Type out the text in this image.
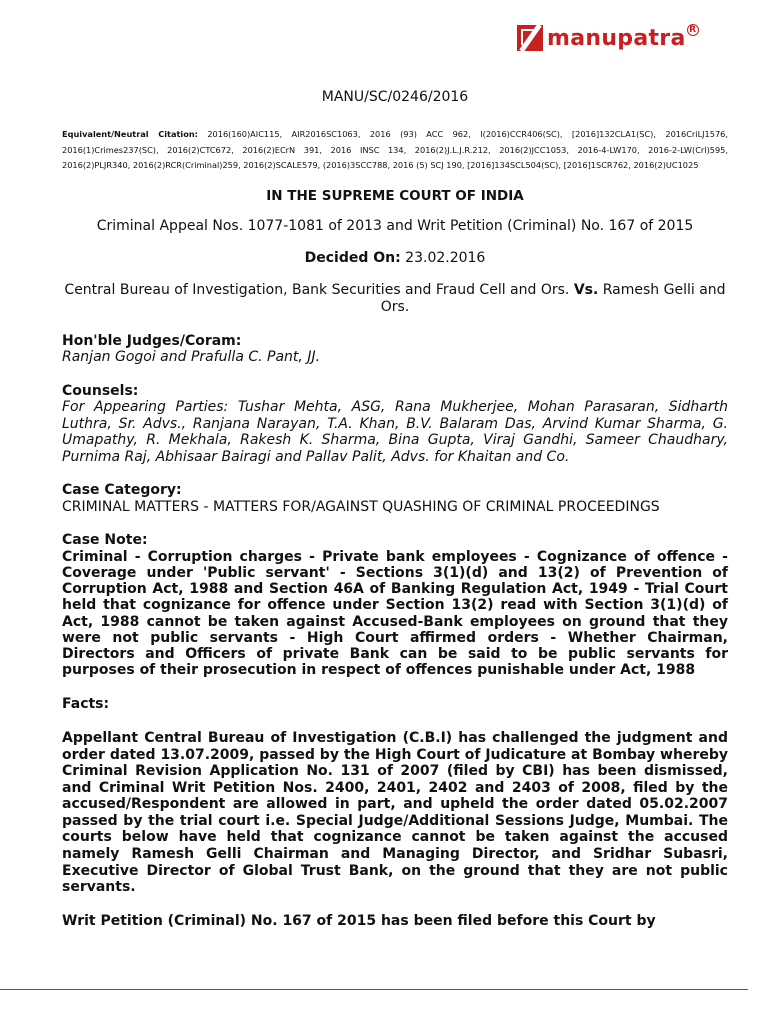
manupatra R
MANU/SC/0246/2016
Equivalent/Neutral Citation: 2016(160)AIC115, AIR2016SC1063, 2016 (93) ACC 962, I(2016)CCR406(SC), [2016]132CLA1(SC), 2016CriLJ1576, 2016(1)Crimes237(SC), 2016(2)CTC672, 2016(2)ECrN 391, 2016 INSC 134, 2016(2)J.L.J.R.212, 2016(2)JCC1053, 2016-4-LW170, 2016-2-LW(Crl)595, 2016(2)PLJR340, 2016(2)RCR(Criminal)259, 2016(2)SCALE579, (2016)3SCC788, 2016 (5) SCJ 190, [2016]134SCL504(SC), [2016]1SCR762, 2016(2)UC1025
IN THE SUPREME COURT OF INDIA
Criminal Appeal Nos. 1077-1081 of 2013 and Writ Petition (Criminal) No. 167 of 2015
Decided On: 23.02.2016
Central Bureau of Investigation, Bank Securities and Fraud Cell and Ors. Vs. Ramesh Gelli and Ors.
Hon'ble Judges/Coram:
Ranjan Gogoi and Prafulla C. Pant, JJ.
Counsels:
For Appearing Parties: Tushar Mehta, ASG, Rana Mukherjee, Mohan Parasaran, Sidharth Luthra, Sr. Advs., Ranjana Narayan, T.A. Khan, B.V. Balaram Das, Arvind Kumar Sharma, G. Umapathy, R. Mekhala, Rakesh K. Sharma, Bina Gupta, Viraj Gandhi, Sameer Chaudhary, Purnima Raj, Abhisaar Bairagi and Pallav Palit, Advs. for Khaitan and Co.
Case Category:
CRIMINAL MATTERS - MATTERS FOR/AGAINST QUASHING OF CRIMINAL PROCEEDINGS
Case Note:
Criminal - Corruption charges - Private bank employees - Cognizance of offence - Coverage under 'Public servant' - Sections 3(1)(d) and 13(2) of Prevention of Corruption Act, 1988 and Section 46A of Banking Regulation Act, 1949 - Trial Court held that cognizance for offence under Section 13(2) read with Section 3(1)(d) of Act, 1988 cannot be taken against Accused-Bank employees on ground that they were not public servants - High Court affirmed orders - Whether Chairman, Directors and Officers of private Bank can be said to be public servants for purposes of their prosecution in respect of offences punishable under Act, 1988
Facts:
Appellant Central Bureau of Investigation (C.B.I) has challenged the judgment and order dated 13.07.2009, passed by the High Court of Judicature at Bombay whereby Criminal Revision Application No. 131 of 2007 (filed by CBI) has been dismissed, and Criminal Writ Petition Nos. 2400, 2401, 2402 and 2403 of 2008, filed by the accused/Respondent are allowed in part, and upheld the order dated 05.02.2007 passed by the trial court i.e. Special Judge/Additional Sessions Judge, Mumbai. The courts below have held that cognizance cannot be taken against the accused namely Ramesh Gelli Chairman and Managing Director, and Sridhar Subasri, Executive Director of Global Trust Bank, on the ground that they are not public servants.
Writ Petition (Criminal) No. 167 of 2015 has been filed before this Court by
